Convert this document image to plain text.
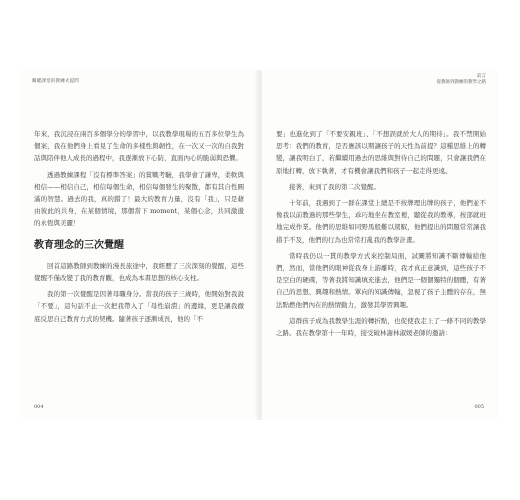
關鍵課堂的教練式提問

年來，我沉浸在兩百多個學分的學習中，以我教學現場的五百多位學生為個案，我在他們身上看見了生命的多樣性與韌性，在一次又一次的自我對話與陪伴他人成長的過程中，我逐漸放下心防，直面內心的脆弱與恐懼。

透過教練課程「沒有標準答案」的賞戰考驗，我學會了謙卑，柔軟與相信——相信自己，相信每個生命，相信每個發生的聚散，都有其自性圓滿的智慧。過去的我，真的錯了！最大的教育力量，沒有「我」，只是藉由彼此的共身，在某個情境，那個當下 moment，某個心念，共同激盪的永恆與美麗！

教育理念的三次覺醒

回首這路教師到教練的漫長旅途中，我經歷了三次深刻的覺醒，這些覺醒不僅改變了我的教育觀，也成為本書思想的核心支柱。

我的第一次覺醒是因著母職身分。當我的孩子三歲時，他開始對我說「不要」，這句話不止一次把我帶入了「母性崩潰」的邊緣，更是讓我徹底反思自己教育方式的契機。隨著孩子逐漸成長，他的「不

004
前言
從教師到教練的教學之路

要」也進化到了「不要安親班」、「不想誤就於大人的期待」。我不禁開始思考：我們的教育，是否應該以期讓孩子的天性為前提？這種思維上的轉變，讓我明白了，若繼續用過去的思維與對待自己的問題，只會讓我們在原地打轉，放下執著，才有機會讓我們和孩子一起走得更遠。

接著，來到了我的第二次覺醒。

十年前，我遇到了一群在課堂上總是不按牌理出牌的孩子，他們並不像我以前教過的那些學生，乖巧地坐在教室裡，聽從我的教導，按部就班地完成作業。他們的思維如同野馬般難以駕馭，他們提出的問題常常讓我措手不及，他們的行為也常常打亂我的教學計畫。

當時我仍以一貫的教學方式來控制局面，試圖將知識不斷傳輸給他們，然而，當他們的眼神從我身上游離時，我才真正意識到，這些孩子不是空白的硬碟，等著我將知識填充進去，他們是一個個獨特的個體，有著自己的思想、興趣和熱情。單向的知識傳輸，忽視了孩子主體的存在，無法點燃他們內在的熱情動力，激發其學習興趣。

這群孩子成為我教學生涯的轉折點，也促使我走上了一條不同的教學之路。我在教學第十一年時，接受破林謝林淑媛老師的邀請：

005
